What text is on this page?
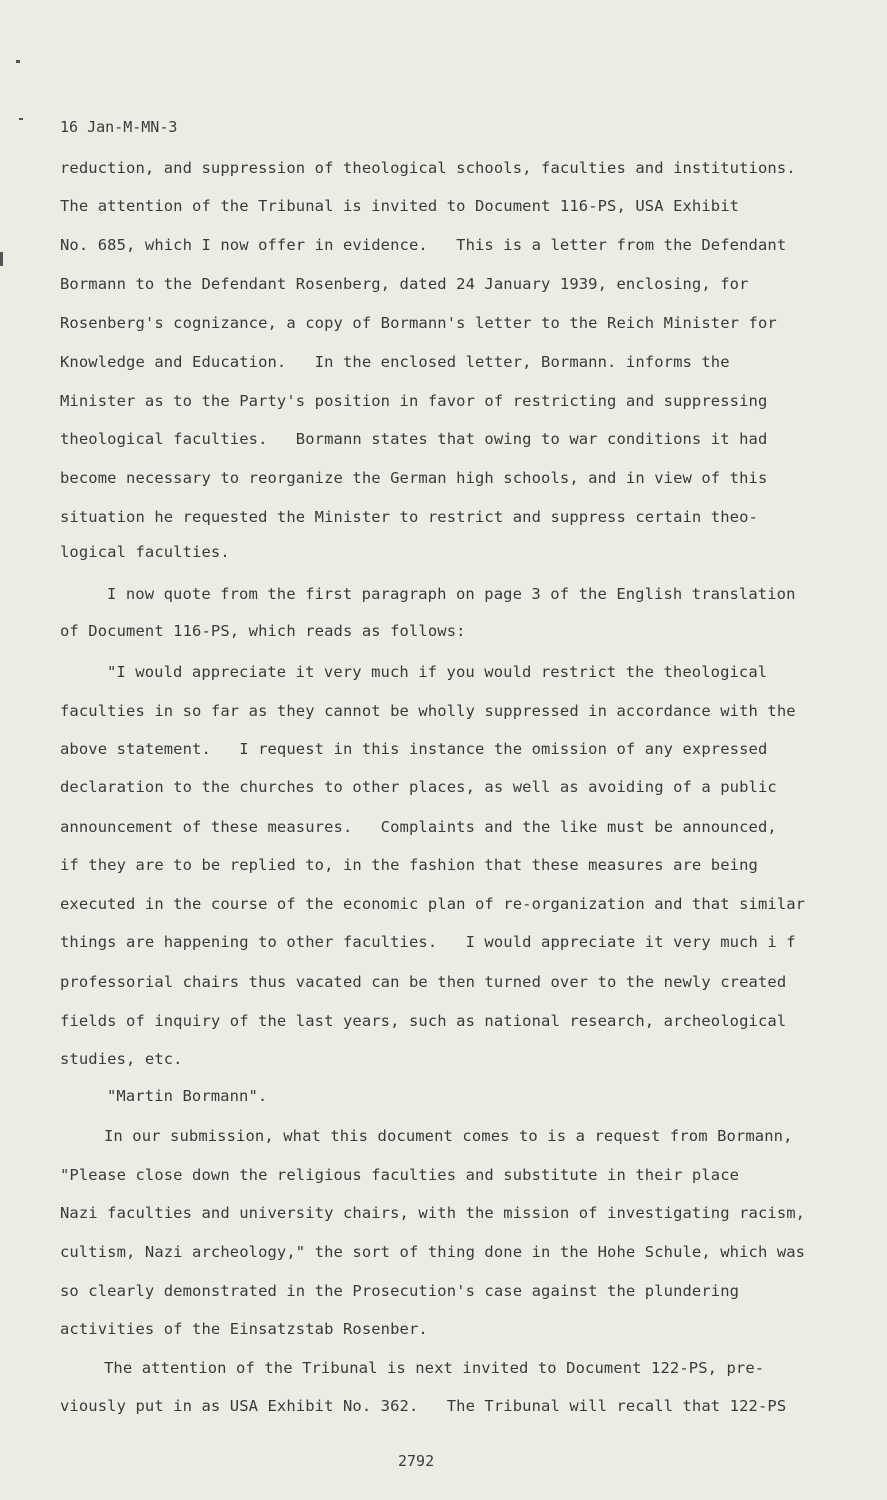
16 Jan-M-MN-3
reduction, and suppression of theological schools, faculties and institutions.
The attention of the Tribunal is invited to Document 116-PS, USA Exhibit
No. 685, which I now offer in evidence.   This is a letter from the Defendant
Bormann to the Defendant Rosenberg, dated 24 January 1939, enclosing, for
Rosenberg's cognizance, a copy of Bormann's letter to the Reich Minister for
Knowledge and Education.   In the enclosed letter, Bormann. informs the
Minister as to the Party's position in favor of restricting and suppressing
theological faculties.   Bormann states that owing to war conditions it had
become necessary to reorganize the German high schools, and in view of this
situation he requested the Minister to restrict and suppress certain theo-
logical faculties.
I now quote from the first paragraph on page 3 of the English translation
of Document 116-PS, which reads as follows:
"I would appreciate it very much if you would restrict the theological
faculties in so far as they cannot be wholly suppressed in accordance with the
above statement.   I request in this instance the omission of any expressed
declaration to the churches to other places, as well as avoiding of a public
announcement of these measures.   Complaints and the like must be announced,
if they are to be replied to, in the fashion that these measures are being
executed in the course of the economic plan of re-organization and that similar
things are happening to other faculties.   I would appreciate it very much i f
professorial chairs thus vacated can be then turned over to the newly created
fields of inquiry of the last years, such as national research, archeological
studies, etc.
"Martin Bormann".
In our submission, what this document comes to is a request from Bormann,
"Please close down the religious faculties and substitute in their place
Nazi faculties and university chairs, with the mission of investigating racism,
cultism, Nazi archeology," the sort of thing done in the Hohe Schule, which was
so clearly demonstrated in the Prosecution's case against the plundering
activities of the Einsatzstab Rosenber.
The attention of the Tribunal is next invited to Document 122-PS, pre-
viously put in as USA Exhibit No. 362.   The Tribunal will recall that 122-PS
2792
